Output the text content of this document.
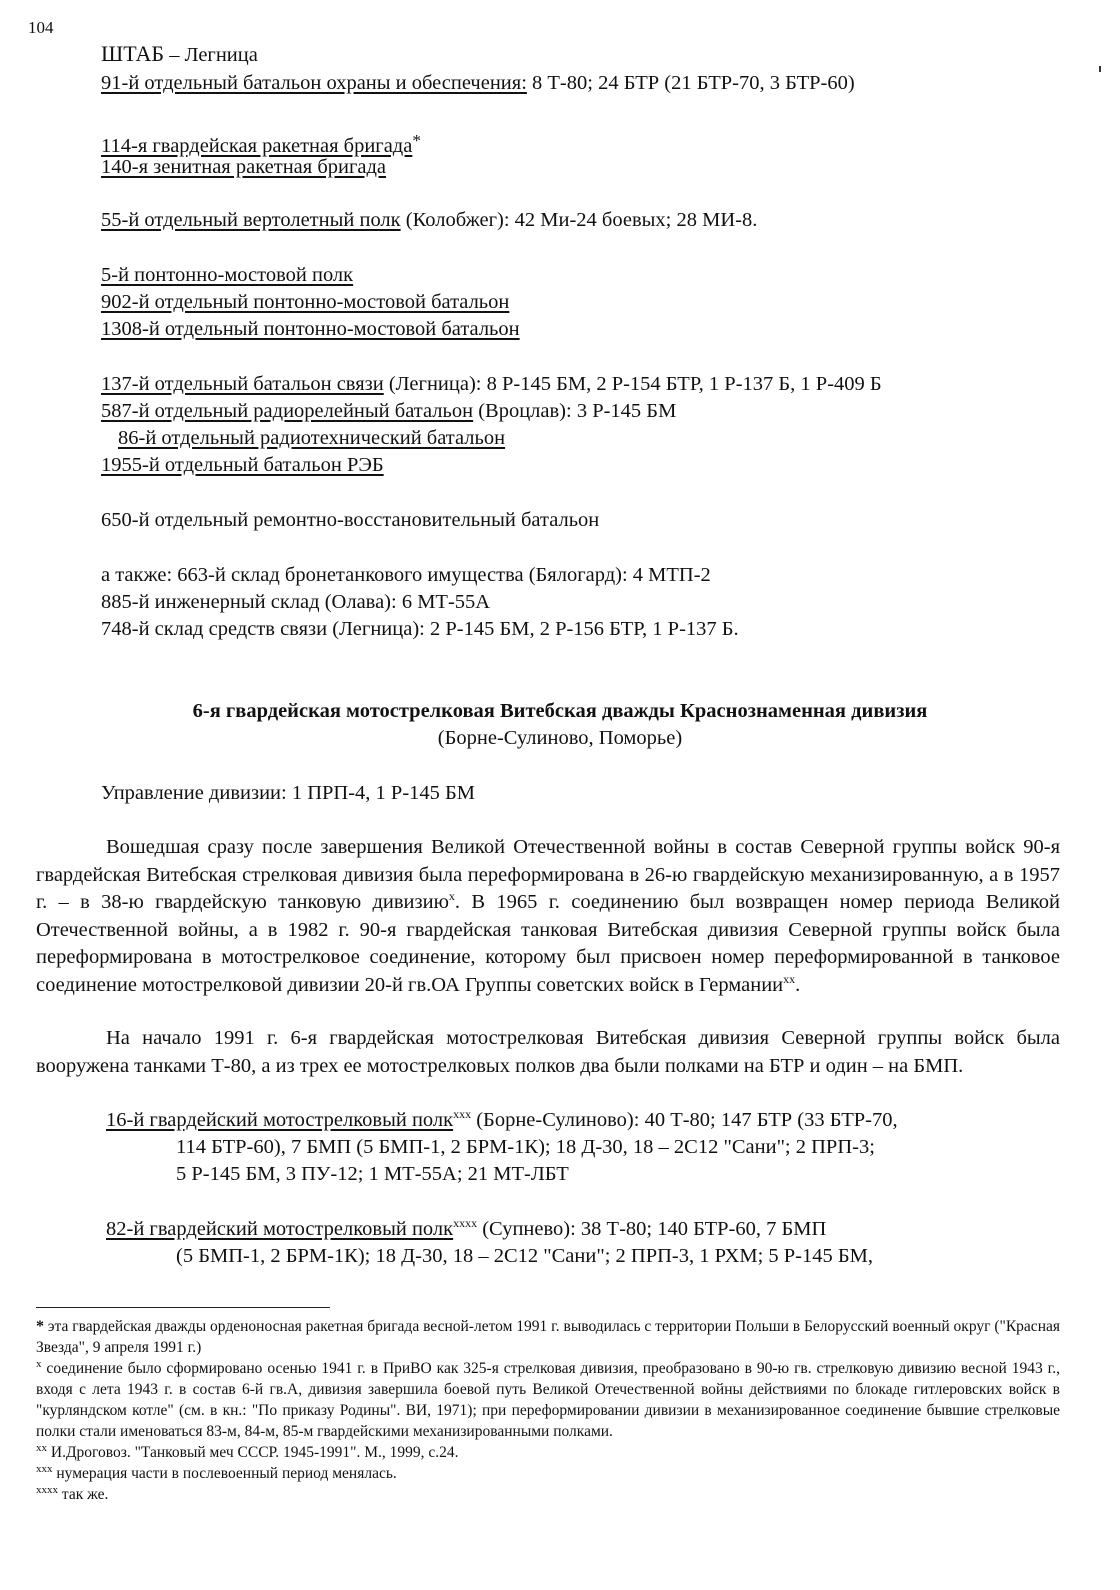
104
ШТАБ – Легница
91-й отдельный батальон охраны и обеспечения: 8 Т-80; 24 БТР (21 БТР-70, 3 БТР-60)
114-я гвардейская ракетная бригада*
140-я зенитная ракетная бригада
55-й отдельный вертолетный полк (Колобжег): 42 Ми-24 боевых; 28 МИ-8.
5-й понтонно-мостовой полк
902-й отдельный понтонно-мостовой батальон
1308-й отдельный понтонно-мостовой батальон
137-й отдельный батальон связи (Легница): 8 Р-145 БМ, 2 Р-154 БТР, 1 Р-137 Б, 1 Р-409 Б
587-й отдельный радиорелейный батальон (Вроцлав): 3 Р-145 БМ
86-й отдельный радиотехнический батальон
1955-й отдельный батальон РЭБ
650-й отдельный ремонтно-восстановительный батальон
а также: 663-й склад бронетанкового имущества (Бялогард): 4 МТП-2
885-й инженерный склад (Олава): 6 МТ-55А
748-й склад средств связи (Легница): 2 Р-145 БМ, 2 Р-156 БТР, 1 Р-137 Б.
6-я гвардейская мотострелковая Витебская дважды Краснознаменная дивизия
(Борне-Сулиново, Поморье)
Управление дивизии: 1 ПРП-4, 1 Р-145 БМ
Вошедшая сразу после завершения Великой Отечественной войны в состав Северной группы войск 90-я гвардейская Витебская стрелковая дивизия была переформирована в 26-ю гвардейскую механизированную, а в 1957 г. – в 38-ю гвардейскую танковую дивизию$^x$. В 1965 г. соединению был возвращен номер периода Великой Отечественной войны, а в 1982 г. 90-я гвардейская танковая Витебская дивизия Северной группы войск была переформирована в мотострелковое соединение, которому был присвоен номер переформированной в танковое соединение мотострелковой дивизии 20-й гв.ОА Группы советских войск в Германии$^{xx}$.
На начало 1991 г. 6-я гвардейская мотострелковая Витебская дивизия Северной группы войск была вооружена танками Т-80, а из трех ее мотострелковых полков два были полками на БТР и один – на БМП.
16-й гвардейский мотострелковый полк$^{xxx}$ (Борне-Сулиново): 40 Т-80; 147 БТР (33 БТР-70,
114 БТР-60), 7 БМП (5 БМП-1, 2 БРМ-1К); 18 Д-30, 18 – 2С12 "Сани"; 2 ПРП-3;
5 Р-145 БМ, 3 ПУ-12; 1 МТ-55А; 21 МТ-ЛБТ
82-й гвардейский мотострелковый полк$^{xxxx}$ (Супнево): 38 Т-80; 140 БТР-60, 7 БМП
(5 БМП-1, 2 БРМ-1К); 18 Д-30, 18 – 2С12 "Сани"; 2 ПРП-3, 1 РХМ; 5 Р-145 БМ,

* эта гвардейская дважды орденоносная ракетная бригада весной-летом 1991 г. выводилась с территории Польши в Белорусский военный округ ("Красная Звезда", 9 апреля 1991 г.)

$^x$ соединение было сформировано осенью 1941 г. в ПриВО как 325-я стрелковая дивизия, преобразовано в 90-ю гв. стрелковую дивизию весной 1943 г., входя с лета 1943 г. в состав 6-й гв.А, дивизия завершила боевой путь Великой Отечественной войны действиями по блокаде гитлеровских войск в "курляндском котле" (см. в кн.: "По приказу Родины". ВИ, 1971); при переформировании дивизии в механизированное соединение бывшие стрелковые полки стали именоваться 83-м, 84-м, 85-м гвардейскими механизированными полками.

$^{xx}$ И.Дроговоз. "Танковый меч СССР. 1945-1991". М., 1999, с.24.

$^{xxx}$ нумерация части в послевоенный период менялась.

$^{xxxx}$ так же.
